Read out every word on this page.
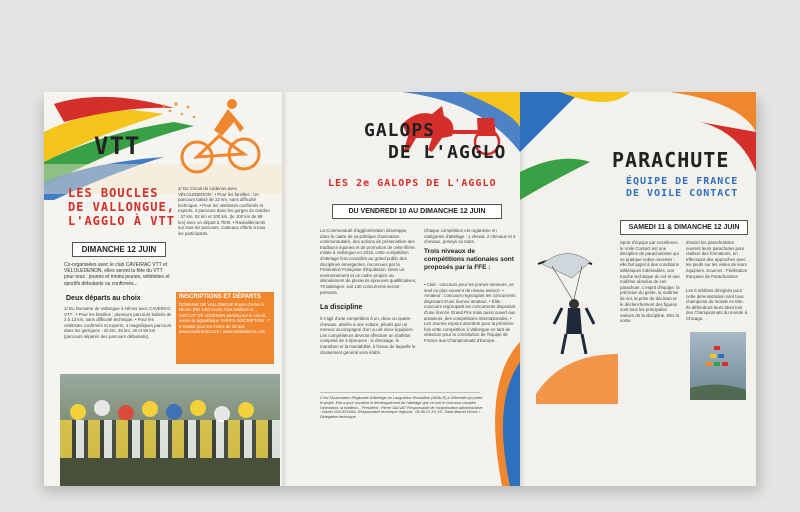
VTT
LES BOUCLES DE VALLONGUE, L'AGGLO À VTT
DIMANCHE 12 JUIN
Co-organisées avec le club CAVEIRAC VTT et VELOLEDENON, elles seront la fête du VTT pour tous : jeunes et moins jeunes, vététistes et sportifs débutants ou confirmés...
Deux départs au choix
1/ Du Domaine de Vallongue à Nîmes avec CAVEIRAC VTT : • Pour les familles : plusieurs parcours balisés de 3 à 13 km, sans difficulté technique. • Pour les vététistes confirmés et experts, 4 magnifiques parcours dans les garrigues : 20 km, 35 km, 40 et 56 km (parcours séparés des parcours débutants).
2/ Du Circuit de Lédenon avec VÉLOLEDENON : • Pour les familles : Un parcours balisé de 22 km, sans difficulté technique. • Pour les vététistes confirmés et experts, 3 parcours dans les gorges du Gardon : 37 km, 52 km et 100 km, (le 100 km de 98 km) avec un départ à 7h00. • Ravitaillements sur tous les parcours. Cadeaux offerts à tous les participants.
INSCRIPTIONS ET DÉPARTS
DOMAINE DE VALLONGUE Route d'Arles à Nîmes (RD 135) Accès Clos Gaillard et... CIRCUIT DE LÉDENON parking sur le circuit, suivre la signalétique TARIFS INSCRIPTION : 7 € Gratuit pour les moins de 18 ans www.caveiracvtt.com / www.veloledenon.com
GALOPS
DE L'AGGLO
LES 2e GALOPS DE L'AGGLO
DU VENDREDI 10 AU DIMANCHE 12 JUIN
La Communauté d'agglomération développe, dans le cadre de sa politique d'animation communautaire, des actions de préservation des traditions équines et de promotion de cette filière. Initiée à Vallongue en 2015, cette compétition d'attelage fera connaître au grand public des disciplines émergentes, reconnues par la Fédération Française d'Équitation. Dans un environnement et un cadre propice au déroulement de plusieurs épreuves qualificatives, 70 attelages, soit 130 concurrents seront présents.
La discipline
Il s'agit d'une compétition à un, deux ou quatre chevaux, attelés à une voiture, pilotés par un meneur accompagné d'un ou de deux équipiers. Les compétiteurs devront effectuer un triathlon composé de 3 épreuves : le dressage, le marathon et la maniabilité, à l'issue de laquelle le classement général sera établi.
Chaque compétition est organisée en catégories d'attelage : 1 cheval, 2 chevaux et 4 chevaux, poneys ou traits.
Trois niveaux de compétitions nationales sont proposés par la FFE :
• Club : concours pour les jeunes meneurs, un seul ou plus souvent de niveau avancé. • Amateur : concours regroupant les concurrents disposant d'une licence amateur. • Élite : concours regroupant les concurrents disposant d'une licence Grand Prix mais aussi ouvert aux amateurs, des compétitions internationales. • Les Jeunes espoirs abordent pour la première fois cette compétition à Vallongue en tant de sélection pour la constitution de l'équipe de France aux Championnats d'Europe.
C'est l'Association Régionale d'Attelage du Languedoc Roussillon (ARALR) à Villeveille qui porte le projet. Elle a pour vocation le développement de l'attelage que ce soit le concours complet, l'animation, la tradition... Président : Pierre SALVAT Responsable de l'organisation administrative : Daniel DUCATHIAN. Responsable technique régional : 06 86 21 XX XX, Saint Mamet Nîmes / Délégation technique.
PARACHUTE
ÉQUIPE DE FRANCE DE VOILE CONTACT
SAMEDI 11 & DIMANCHE 12 JUIN
Sport d'équipe par excellence, le Voile Contact est une discipline de parachutisme qui se pratique voiles ouvertes : elle fait appel à des conditions athlétiques indéniables, une touche technique du vol et une maîtrise absolue de son parachute. L'esprit d'équipe, la précision du geste, la maîtrise de soi, la prise de décision et le déclenchement des figures sont tous les principales valeurs de la discipline. Dès la sortie
d'avion les parachutistes ouvrent leurs parachutes pour réaliser des formations, en effectuant des approches avec les pieds sur les voiles de leurs équipiers. Sources : Fédération française de Parachutisme
Les 6 athlètes désignés pour cette démonstration sont tous champions du monde en titre. Ils défendront leurs titres lors des Championnats du monde à Chicago.
